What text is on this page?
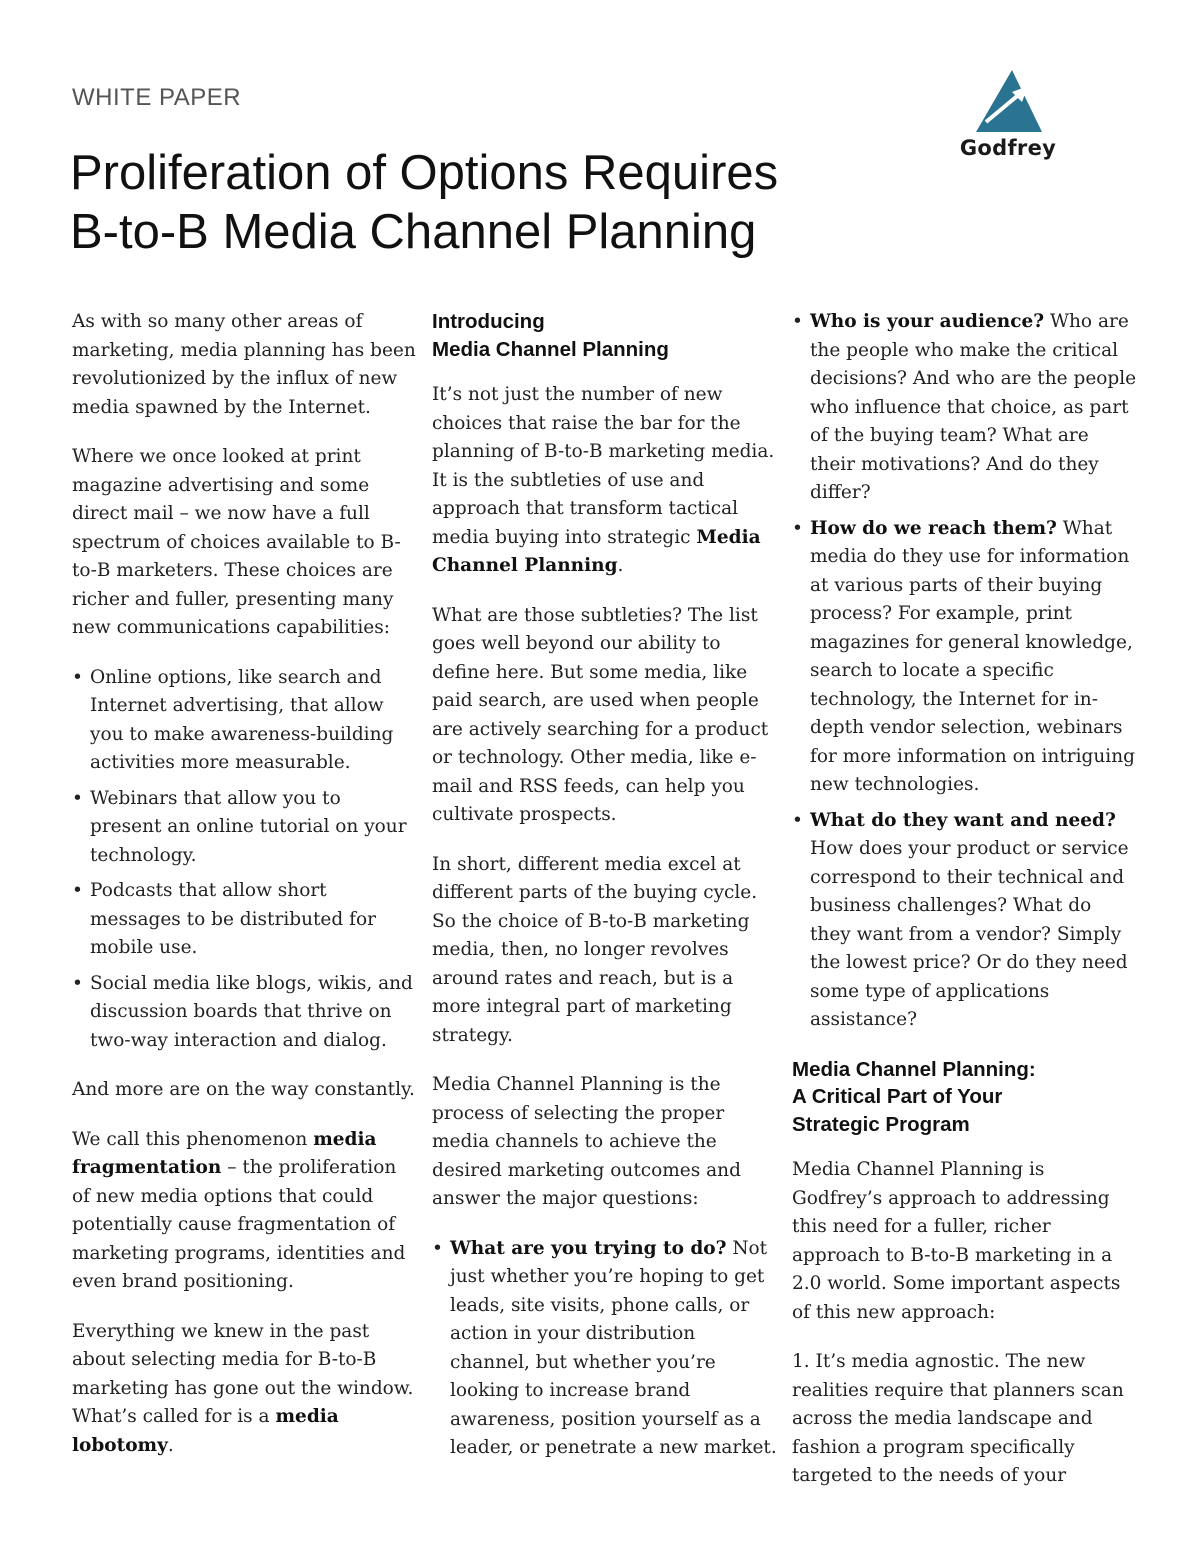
WHITE PAPER
Proliferation of Options Requires
B-to-B Media Channel Planning
Godfrey

As with so many other areas of marketing, media planning has been revolutionized by the influx of new media spawned by the Internet.

Where we once looked at print magazine advertising and some direct mail – we now have a full spectrum of choices available to B-to-B marketers. These choices are richer and fuller, presenting many new communications capabilities:

• Online options, like search and Internet advertising, that allow you to make awareness-building activities more measurable.
• Webinars that allow you to present an online tutorial on your technology.
• Podcasts that allow short messages to be distributed for mobile use.
• Social media like blogs, wikis, and discussion boards that thrive on two-way interaction and dialog.

And more are on the way constantly.

We call this phenomenon media fragmentation – the proliferation of new media options that could potentially cause fragmentation of marketing programs, identities and even brand positioning.

Everything we knew in the past about selecting media for B-to-B marketing has gone out the window. What’s called for is a media lobotomy.

Introducing
Media Channel Planning

It’s not just the number of new choices that raise the bar for the planning of B-to-B marketing media. It is the subtleties of use and approach that transform tactical media buying into strategic Media Channel Planning.

What are those subtleties? The list goes well beyond our ability to define here. But some media, like paid search, are used when people are actively searching for a product or technology. Other media, like e-mail and RSS feeds, can help you cultivate prospects.

In short, different media excel at different parts of the buying cycle. So the choice of B-to-B marketing media, then, no longer revolves around rates and reach, but is a more integral part of marketing strategy.

Media Channel Planning is the process of selecting the proper media channels to achieve the desired marketing outcomes and answer the major questions:

• What are you trying to do? Not just whether you’re hoping to get leads, site visits, phone calls, or action in your distribution channel, but whether you’re looking to increase brand awareness, position yourself as a leader, or penetrate a new market.
• Who is your audience? Who are the people who make the critical decisions? And who are the people who influence that choice, as part of the buying team? What are their motivations? And do they differ?
• How do we reach them? What media do they use for information at various parts of their buying process? For example, print magazines for general knowledge, search to locate a specific technology, the Internet for in-depth vendor selection, webinars for more information on intriguing new technologies.
• What do they want and need? How does your product or service correspond to their technical and business challenges? What do they want from a vendor? Simply the lowest price? Or do they need some type of applications assistance?
Media Channel Planning:
A Critical Part of Your
Strategic Program

Media Channel Planning is Godfrey’s approach to addressing this need for a fuller, richer approach to B-to-B marketing in a 2.0 world. Some important aspects of this new approach:

1. It’s media agnostic. The new realities require that planners scan across the media landscape and fashion a program specifically targeted to the needs of your
